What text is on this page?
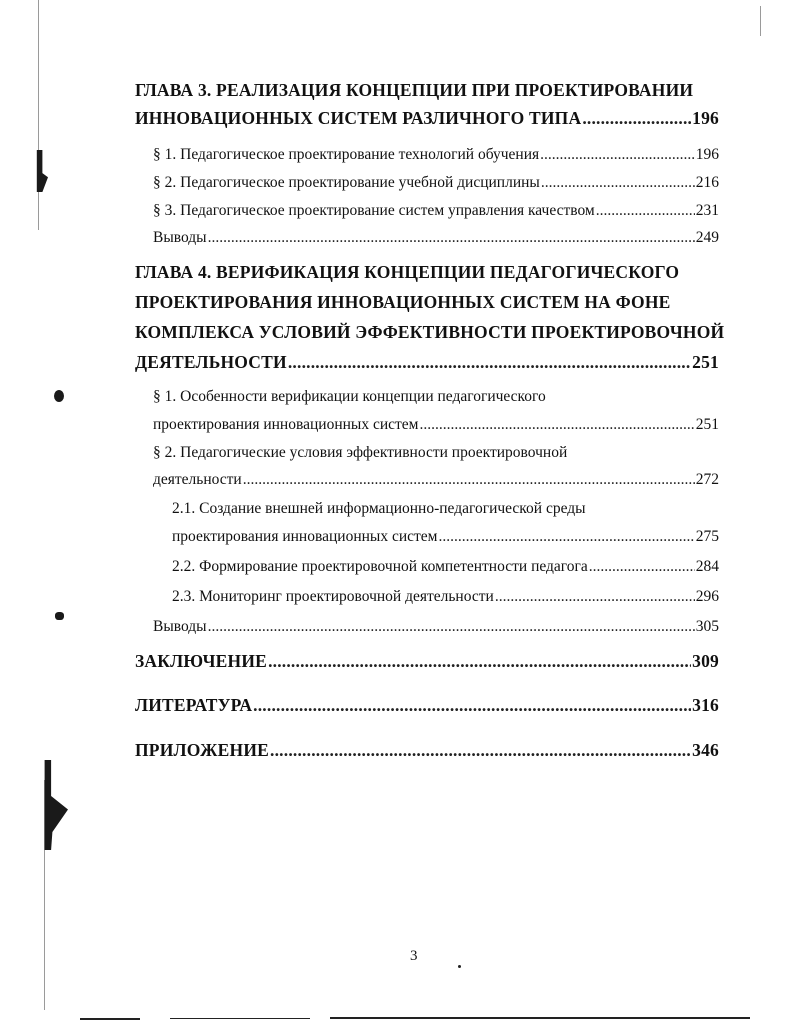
ГЛАВА 3. РЕАЛИЗАЦИЯ КОНЦЕПЦИИ ПРИ ПРОЕКТИРОВАНИИ
ИННОВАЦИОННЫХ СИСТЕМ РАЗЛИЧНОГО ТИПА .....	196
§ 1. Педагогическое проектирование технологий обучения .....	196
§ 2. Педагогическое проектирование учебной дисциплины .....	216
§ 3. Педагогическое проектирование систем управления качеством .....	231
Выводы .....	249
ГЛАВА 4. ВЕРИФИКАЦИЯ КОНЦЕПЦИИ ПЕДАГОГИЧЕСКОГО
ПРОЕКТИРОВАНИЯ ИННОВАЦИОННЫХ СИСТЕМ НА ФОНЕ
КОМПЛЕКСА УСЛОВИЙ ЭФФЕКТИВНОСТИ ПРОЕКТИРОВОЧНОЙ
ДЕЯТЕЛЬНОСТИ .....	251
§ 1. Особенности верификации концепции педагогического
проектирования инновационных систем .....	251
§ 2. Педагогические условия эффективности проектировочной
деятельности .....	272
2.1. Создание внешней информационно-педагогической среды
проектирования инновационных систем .....	275
2.2. Формирование проектировочной компетентности педагога .....	284
2.3. Мониторинг проектировочной деятельности .....	296
Выводы .....	305
ЗАКЛЮЧЕНИЕ .....	309
ЛИТЕРАТУРА .....	316
ПРИЛОЖЕНИЕ .....	346
3
